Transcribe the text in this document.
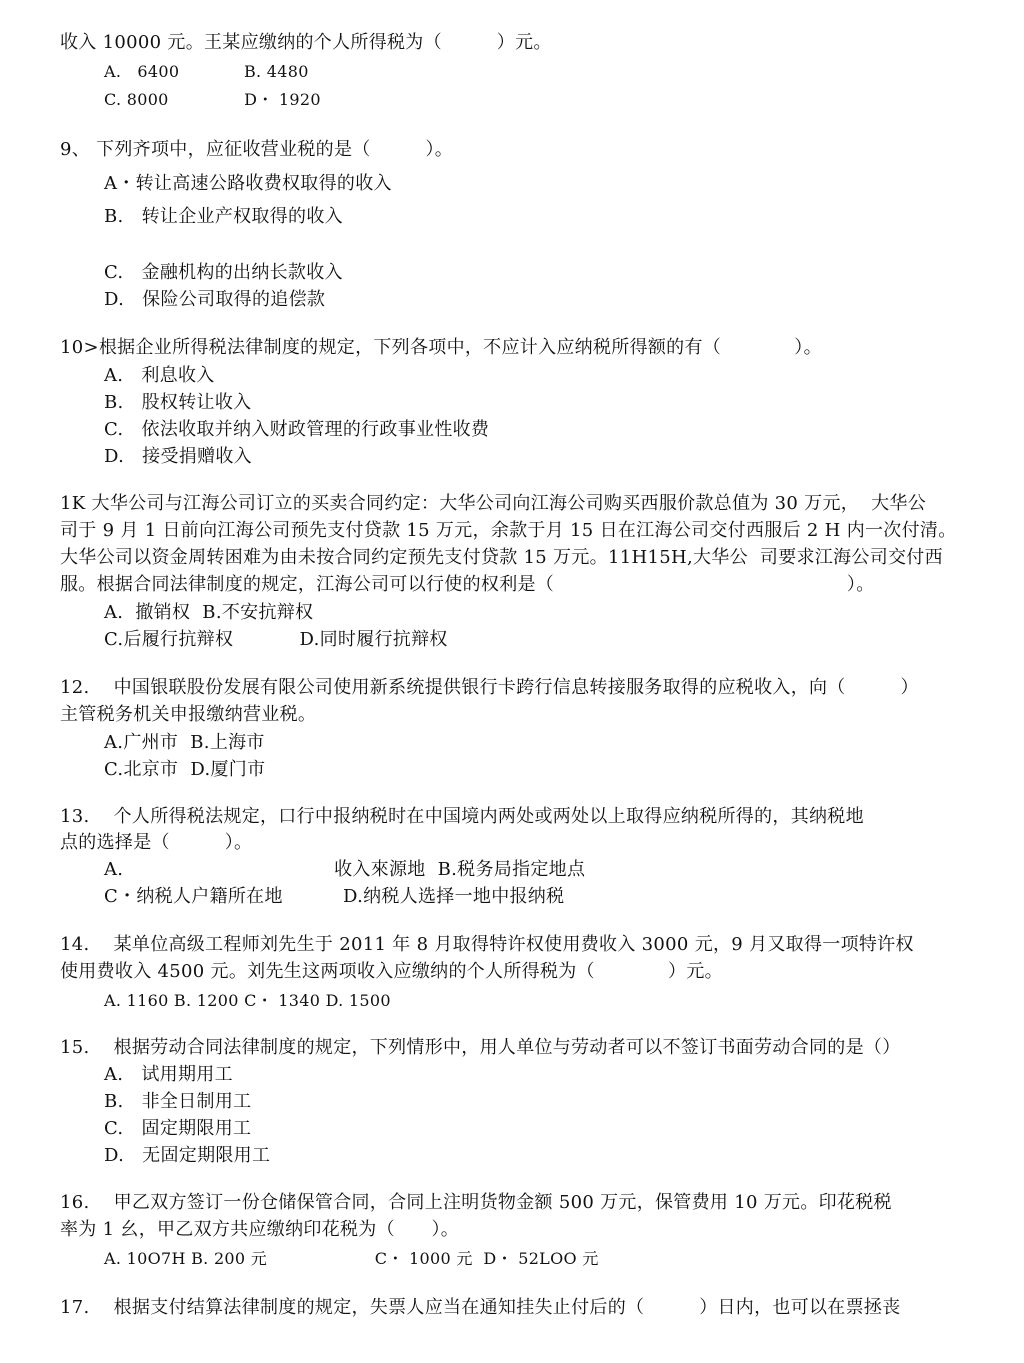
收入 10000 元。王某应缴纳的个人所得税为（　　　）元。
A.   6400            B. 4480
C. 8000              D・ 1920
9、 下列齐项中，应征收营业税的是（　　　）。
A・转让高速公路收费权取得的收入
B.   转让企业产权取得的收入
C.   金融机构的出纳长款收入
D.   保险公司取得的追偿款
10>根据企业所得税法律制度的规定，下列各项中，不应计入应纳税所得额的有（　　　　）。
A.   利息收入
B.   股权转让收入
C.   依法收取并纳入财政管理的行政事业性收费
D.   接受捐赠收入
1K 大华公司与江海公司订立的买卖合同约定：大华公司向江海公司购买西服价款总值为 30 万元，  大华公
司于 9 月 1 日前向江海公司预先支付贷款 15 万元，余款于月 15 日在江海公司交付西服后 2 H 内一次付清。
大华公司以资金周转困难为由未按合同约定预先支付贷款 15 万元。11H15H,大华公  司要求江海公司交付西
服。根据合同法律制度的规定，江海公司可以行使的权利是（　　　　　　　　　　　　　　　　）。
A.  撤销权  B.不安抗辩权
C.后履行抗辩权           D.同时履行抗辩权
12.    中国银联股份发展有限公司使用新系统提供银行卡跨行信息转接服务取得的应税收入，向（　　　）
主管税务机关申报缴纳营业税。
A.广州市  B.上海市
C.北京市  D.厦门市
13.    个人所得税法规定，口行中报纳税时在中国境内两处或两处以上取得应纳税所得的，其纳税地
点的选择是（　　　）。
A.                                   收入來源地  B.税务局指定地点
C・纳税人户籍所在地          D.纳税人选择一地中报纳税
14.    某单位高级工程师刘先生于 2011 年 8 月取得特许权使用费收入 3000 元，9 月又取得一项特许权
使用费收入 4500 元。刘先生这两项收入应缴纳的个人所得税为（　　　　）元。
A. 1160 B. 1200 C・ 1340 D. 1500
15.    根据劳动合同法律制度的规定，下列情形中，用人单位与劳动者可以不签订书面劳动合同的是（）
A.   试用期用工
B.   非全日制用工
C.   固定期限用工
D.   无固定期限用工
16.    甲乙双方签订一份仓储保管合同，合同上注明货物金额 500 万元，保管费用 10 万元。印花税税
率为 1 幺，甲乙双方共应缴纳印花税为（　　）。
A. 10O7H B. 200 元                    C・ 1000 元  D・ 52LOO 元
17.    根据支付结算法律制度的规定，失票人应当在通知挂失止付后的（　　　）日内，也可以在票拯丧
